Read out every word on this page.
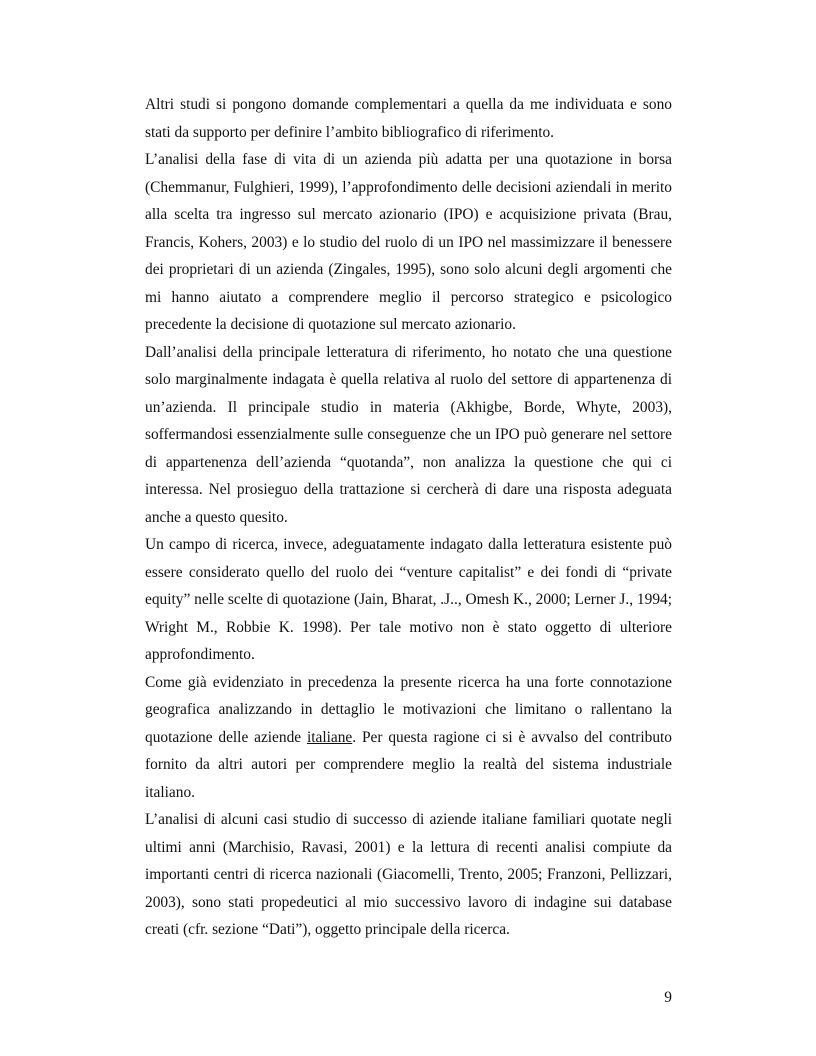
Altri studi si pongono domande complementari a quella da me individuata e sono stati da supporto per definire l’ambito bibliografico di riferimento.

L’analisi della fase di vita di un azienda più adatta per una quotazione in borsa (Chemmanur, Fulghieri, 1999), l’approfondimento delle decisioni aziendali in merito alla scelta tra ingresso sul mercato azionario (IPO) e acquisizione privata (Brau, Francis, Kohers, 2003) e lo studio del ruolo di un IPO nel massimizzare il benessere dei proprietari di un azienda (Zingales, 1995), sono solo alcuni degli argomenti che mi hanno aiutato a comprendere meglio il percorso strategico e psicologico precedente la decisione di quotazione sul mercato azionario.

Dall’analisi della principale letteratura di riferimento, ho notato che una questione solo marginalmente indagata è quella relativa al ruolo del settore di appartenenza di un’azienda. Il principale studio in materia (Akhigbe, Borde, Whyte, 2003), soffermandosi essenzialmente sulle conseguenze che un IPO può generare nel settore di appartenenza dell’azienda “quotanda”, non analizza la questione che qui ci interessa. Nel prosieguo della trattazione si cercherà di dare una risposta adeguata anche a questo quesito.

Un campo di ricerca, invece, adeguatamente indagato dalla letteratura esistente può essere considerato quello del ruolo dei “venture capitalist” e dei fondi di “private equity” nelle scelte di quotazione (Jain, Bharat, .J.., Omesh K., 2000; Lerner J., 1994; Wright M., Robbie K. 1998). Per tale motivo non è stato oggetto di ulteriore approfondimento.

Come già evidenziato in precedenza la presente ricerca ha una forte connotazione geografica analizzando in dettaglio le motivazioni che limitano o rallentano la quotazione delle aziende italiane. Per questa ragione ci si è avvalso del contributo fornito da altri autori per comprendere meglio la realtà del sistema industriale italiano.

L’analisi di alcuni casi studio di successo di aziende italiane familiari quotate negli ultimi anni (Marchisio, Ravasi, 2001) e la lettura di recenti analisi compiute da importanti centri di ricerca nazionali (Giacomelli, Trento, 2005; Franzoni, Pellizzari, 2003), sono stati propedeutici al mio successivo lavoro di indagine sui database creati (cfr. sezione “Dati”), oggetto principale della ricerca.

9
